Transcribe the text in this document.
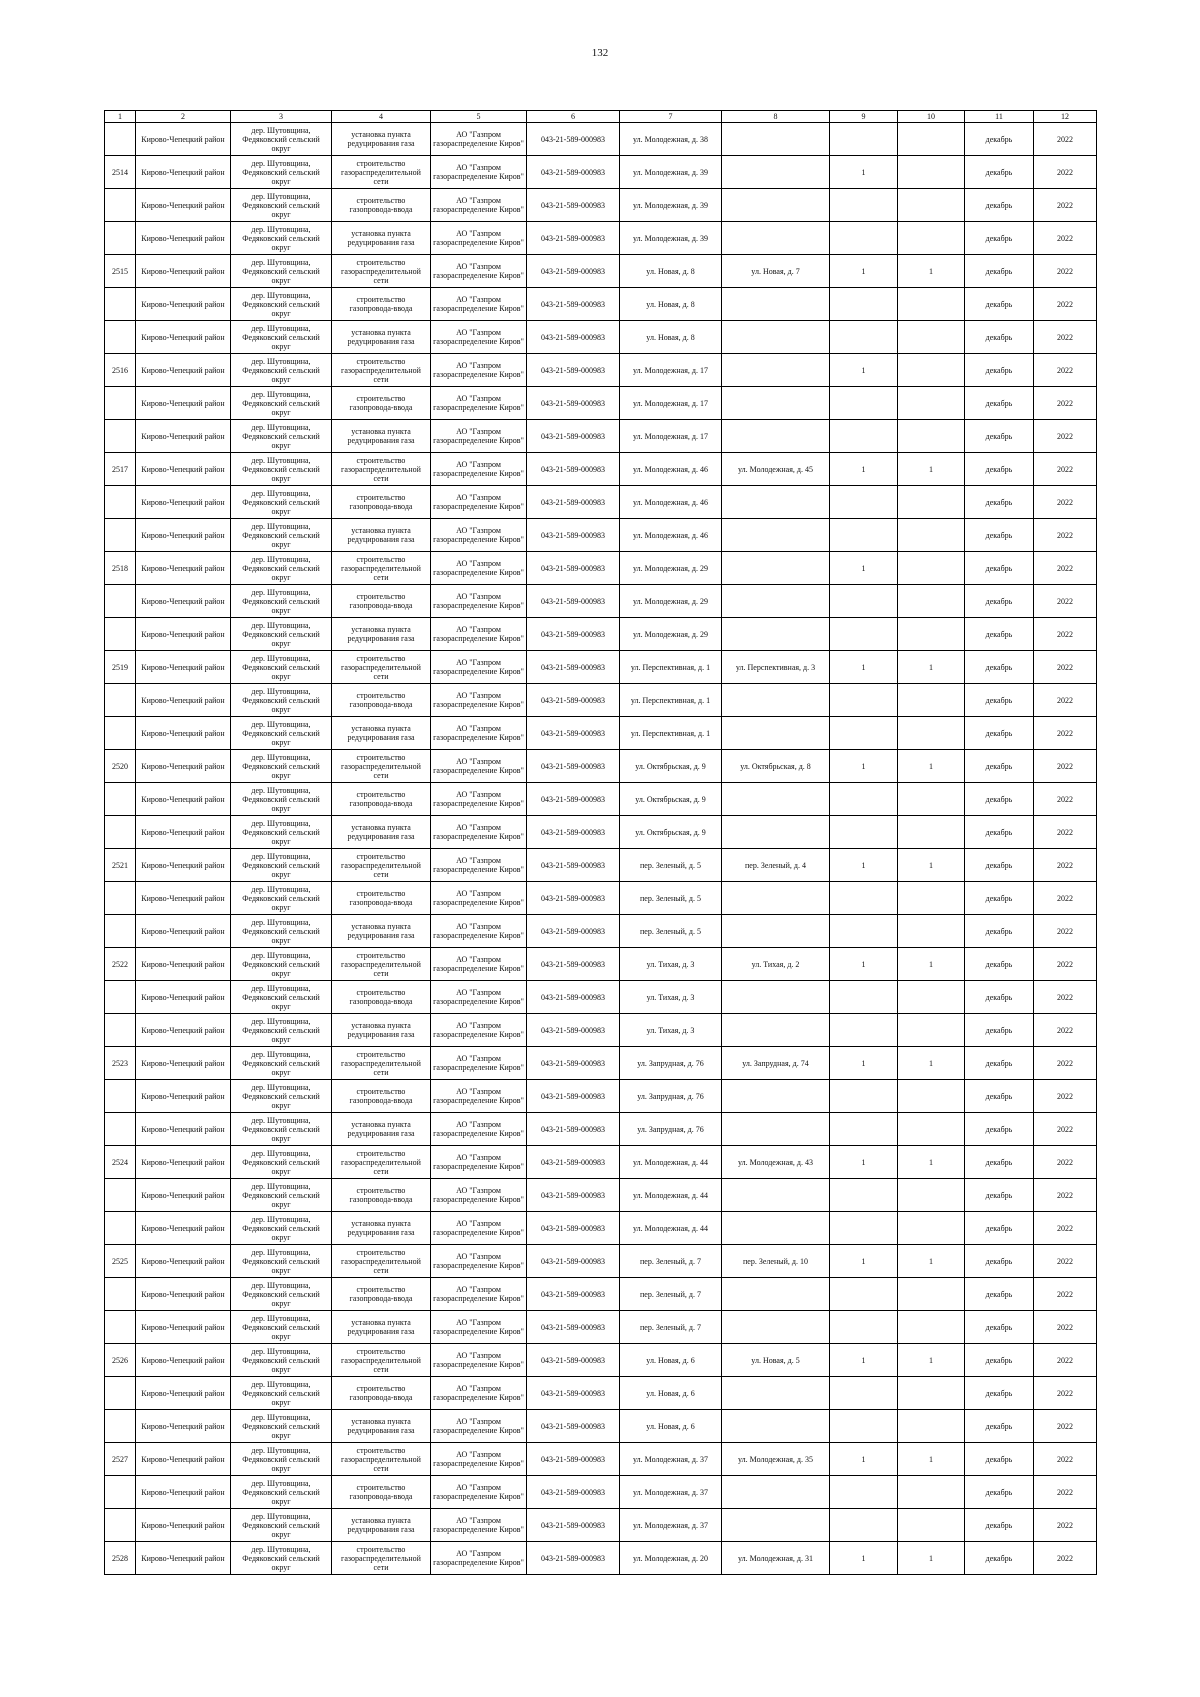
132
1	2	3	4	5	6	7	8	9	10	11	12

	Кирово-Чепецкий район	дер. Шутовщина, Федяковский сельский округ	установка пункта редуцирования газа	АО "Газпром газораспределение Киров"	043-21-589-000983	ул. Молодежная, д. 38				декабрь	2022

2514	Кирово-Чепецкий район	дер. Шутовщина, Федяковский сельский округ	строительство газораспределительной сети	АО "Газпром газораспределение Киров"	043-21-589-000983	ул. Молодежная, д. 39		1		декабрь	2022

	Кирово-Чепецкий район	дер. Шутовщина, Федяковский сельский округ	строительство газопровода-ввода	АО "Газпром газораспределение Киров"	043-21-589-000983	ул. Молодежная, д. 39				декабрь	2022

	Кирово-Чепецкий район	дер. Шутовщина, Федяковский сельский округ	установка пункта редуцирования газа	АО "Газпром газораспределение Киров"	043-21-589-000983	ул. Молодежная, д. 39				декабрь	2022

2515	Кирово-Чепецкий район	дер. Шутовщина, Федяковский сельский округ	строительство газораспределительной сети	АО "Газпром газораспределение Киров"	043-21-589-000983	ул. Новая, д. 8	ул. Новая, д. 7	1	1	декабрь	2022

	Кирово-Чепецкий район	дер. Шутовщина, Федяковский сельский округ	строительство газопровода-ввода	АО "Газпром газораспределение Киров"	043-21-589-000983	ул. Новая, д. 8				декабрь	2022

	Кирово-Чепецкий район	дер. Шутовщина, Федяковский сельский округ	установка пункта редуцирования газа	АО "Газпром газораспределение Киров"	043-21-589-000983	ул. Новая, д. 8				декабрь	2022

2516	Кирово-Чепецкий район	дер. Шутовщина, Федяковский сельский округ	строительство газораспределительной сети	АО "Газпром газораспределение Киров"	043-21-589-000983	ул. Молодежная, д. 17		1		декабрь	2022

	Кирово-Чепецкий район	дер. Шутовщина, Федяковский сельский округ	строительство газопровода-ввода	АО "Газпром газораспределение Киров"	043-21-589-000983	ул. Молодежная, д. 17				декабрь	2022

	Кирово-Чепецкий район	дер. Шутовщина, Федяковский сельский округ	установка пункта редуцирования газа	АО "Газпром газораспределение Киров"	043-21-589-000983	ул. Молодежная, д. 17				декабрь	2022

2517	Кирово-Чепецкий район	дер. Шутовщина, Федяковский сельский округ	строительство газораспределительной сети	АО "Газпром газораспределение Киров"	043-21-589-000983	ул. Молодежная, д. 46	ул. Молодежная, д. 45	1	1	декабрь	2022

	Кирово-Чепецкий район	дер. Шутовщина, Федяковский сельский округ	строительство газопровода-ввода	АО "Газпром газораспределение Киров"	043-21-589-000983	ул. Молодежная, д. 46				декабрь	2022

	Кирово-Чепецкий район	дер. Шутовщина, Федяковский сельский округ	установка пункта редуцирования газа	АО "Газпром газораспределение Киров"	043-21-589-000983	ул. Молодежная, д. 46				декабрь	2022

2518	Кирово-Чепецкий район	дер. Шутовщина, Федяковский сельский округ	строительство газораспределительной сети	АО "Газпром газораспределение Киров"	043-21-589-000983	ул. Молодежная, д. 29		1		декабрь	2022

	Кирово-Чепецкий район	дер. Шутовщина, Федяковский сельский округ	строительство газопровода-ввода	АО "Газпром газораспределение Киров"	043-21-589-000983	ул. Молодежная, д. 29				декабрь	2022

	Кирово-Чепецкий район	дер. Шутовщина, Федяковский сельский округ	установка пункта редуцирования газа	АО "Газпром газораспределение Киров"	043-21-589-000983	ул. Молодежная, д. 29				декабрь	2022

2519	Кирово-Чепецкий район	дер. Шутовщина, Федяковский сельский округ	строительство газораспределительной сети	АО "Газпром газораспределение Киров"	043-21-589-000983	ул. Перспективная, д. 1	ул. Перспективная, д. 3	1	1	декабрь	2022

	Кирово-Чепецкий район	дер. Шутовщина, Федяковский сельский округ	строительство газопровода-ввода	АО "Газпром газораспределение Киров"	043-21-589-000983	ул. Перспективная, д. 1				декабрь	2022

	Кирово-Чепецкий район	дер. Шутовщина, Федяковский сельский округ	установка пункта редуцирования газа	АО "Газпром газораспределение Киров"	043-21-589-000983	ул. Перспективная, д. 1				декабрь	2022

2520	Кирово-Чепецкий район	дер. Шутовщина, Федяковский сельский округ	строительство газораспределительной сети	АО "Газпром газораспределение Киров"	043-21-589-000983	ул. Октябрьская, д. 9	ул. Октябрьская, д. 8	1	1	декабрь	2022

	Кирово-Чепецкий район	дер. Шутовщина, Федяковский сельский округ	строительство газопровода-ввода	АО "Газпром газораспределение Киров"	043-21-589-000983	ул. Октябрьская, д. 9				декабрь	2022

	Кирово-Чепецкий район	дер. Шутовщина, Федяковский сельский округ	установка пункта редуцирования газа	АО "Газпром газораспределение Киров"	043-21-589-000983	ул. Октябрьская, д. 9				декабрь	2022

2521	Кирово-Чепецкий район	дер. Шутовщина, Федяковский сельский округ	строительство газораспределительной сети	АО "Газпром газораспределение Киров"	043-21-589-000983	пер. Зеленый, д. 5	пер. Зеленый, д. 4	1	1	декабрь	2022

	Кирово-Чепецкий район	дер. Шутовщина, Федяковский сельский округ	строительство газопровода-ввода	АО "Газпром газораспределение Киров"	043-21-589-000983	пер. Зеленый, д. 5				декабрь	2022

	Кирово-Чепецкий район	дер. Шутовщина, Федяковский сельский округ	установка пункта редуцирования газа	АО "Газпром газораспределение Киров"	043-21-589-000983	пер. Зеленый, д. 5				декабрь	2022

2522	Кирово-Чепецкий район	дер. Шутовщина, Федяковский сельский округ	строительство газораспределительной сети	АО "Газпром газораспределение Киров"	043-21-589-000983	ул. Тихая, д. 3	ул. Тихая, д. 2	1	1	декабрь	2022

	Кирово-Чепецкий район	дер. Шутовщина, Федяковский сельский округ	строительство газопровода-ввода	АО "Газпром газораспределение Киров"	043-21-589-000983	ул. Тихая, д. 3				декабрь	2022

	Кирово-Чепецкий район	дер. Шутовщина, Федяковский сельский округ	установка пункта редуцирования газа	АО "Газпром газораспределение Киров"	043-21-589-000983	ул. Тихая, д. 3				декабрь	2022

2523	Кирово-Чепецкий район	дер. Шутовщина, Федяковский сельский округ	строительство газораспределительной сети	АО "Газпром газораспределение Киров"	043-21-589-000983	ул. Запрудная, д. 76	ул. Запрудная, д. 74	1	1	декабрь	2022

	Кирово-Чепецкий район	дер. Шутовщина, Федяковский сельский округ	строительство газопровода-ввода	АО "Газпром газораспределение Киров"	043-21-589-000983	ул. Запрудная, д. 76				декабрь	2022

	Кирово-Чепецкий район	дер. Шутовщина, Федяковский сельский округ	установка пункта редуцирования газа	АО "Газпром газораспределение Киров"	043-21-589-000983	ул. Запрудная, д. 76				декабрь	2022

2524	Кирово-Чепецкий район	дер. Шутовщина, Федяковский сельский округ	строительство газораспределительной сети	АО "Газпром газораспределение Киров"	043-21-589-000983	ул. Молодежная, д. 44	ул. Молодежная, д. 43	1	1	декабрь	2022

	Кирово-Чепецкий район	дер. Шутовщина, Федяковский сельский округ	строительство газопровода-ввода	АО "Газпром газораспределение Киров"	043-21-589-000983	ул. Молодежная, д. 44				декабрь	2022

	Кирово-Чепецкий район	дер. Шутовщина, Федяковский сельский округ	установка пункта редуцирования газа	АО "Газпром газораспределение Киров"	043-21-589-000983	ул. Молодежная, д. 44				декабрь	2022

2525	Кирово-Чепецкий район	дер. Шутовщина, Федяковский сельский округ	строительство газораспределительной сети	АО "Газпром газораспределение Киров"	043-21-589-000983	пер. Зеленый, д. 7	пер. Зеленый, д. 10	1	1	декабрь	2022

	Кирово-Чепецкий район	дер. Шутовщина, Федяковский сельский округ	строительство газопровода-ввода	АО "Газпром газораспределение Киров"	043-21-589-000983	пер. Зеленый, д. 7				декабрь	2022

	Кирово-Чепецкий район	дер. Шутовщина, Федяковский сельский округ	установка пункта редуцирования газа	АО "Газпром газораспределение Киров"	043-21-589-000983	пер. Зеленый, д. 7				декабрь	2022

2526	Кирово-Чепецкий район	дер. Шутовщина, Федяковский сельский округ	строительство газораспределительной сети	АО "Газпром газораспределение Киров"	043-21-589-000983	ул. Новая, д. 6	ул. Новая, д. 5	1	1	декабрь	2022

	Кирово-Чепецкий район	дер. Шутовщина, Федяковский сельский округ	строительство газопровода-ввода	АО "Газпром газораспределение Киров"	043-21-589-000983	ул. Новая, д. 6				декабрь	2022

	Кирово-Чепецкий район	дер. Шутовщина, Федяковский сельский округ	установка пункта редуцирования газа	АО "Газпром газораспределение Киров"	043-21-589-000983	ул. Новая, д. 6				декабрь	2022

2527	Кирово-Чепецкий район	дер. Шутовщина, Федяковский сельский округ	строительство газораспределительной сети	АО "Газпром газораспределение Киров"	043-21-589-000983	ул. Молодежная, д. 37	ул. Молодежная, д. 35	1	1	декабрь	2022

	Кирово-Чепецкий район	дер. Шутовщина, Федяковский сельский округ	строительство газопровода-ввода	АО "Газпром газораспределение Киров"	043-21-589-000983	ул. Молодежная, д. 37				декабрь	2022

	Кирово-Чепецкий район	дер. Шутовщина, Федяковский сельский округ	установка пункта редуцирования газа	АО "Газпром газораспределение Киров"	043-21-589-000983	ул. Молодежная, д. 37				декабрь	2022

2528	Кирово-Чепецкий район	дер. Шутовщина, Федяковский сельский округ	строительство газораспределительной сети	АО "Газпром газораспределение Киров"	043-21-589-000983	ул. Молодежная, д. 20	ул. Молодежная, д. 31	1	1	декабрь	2022
